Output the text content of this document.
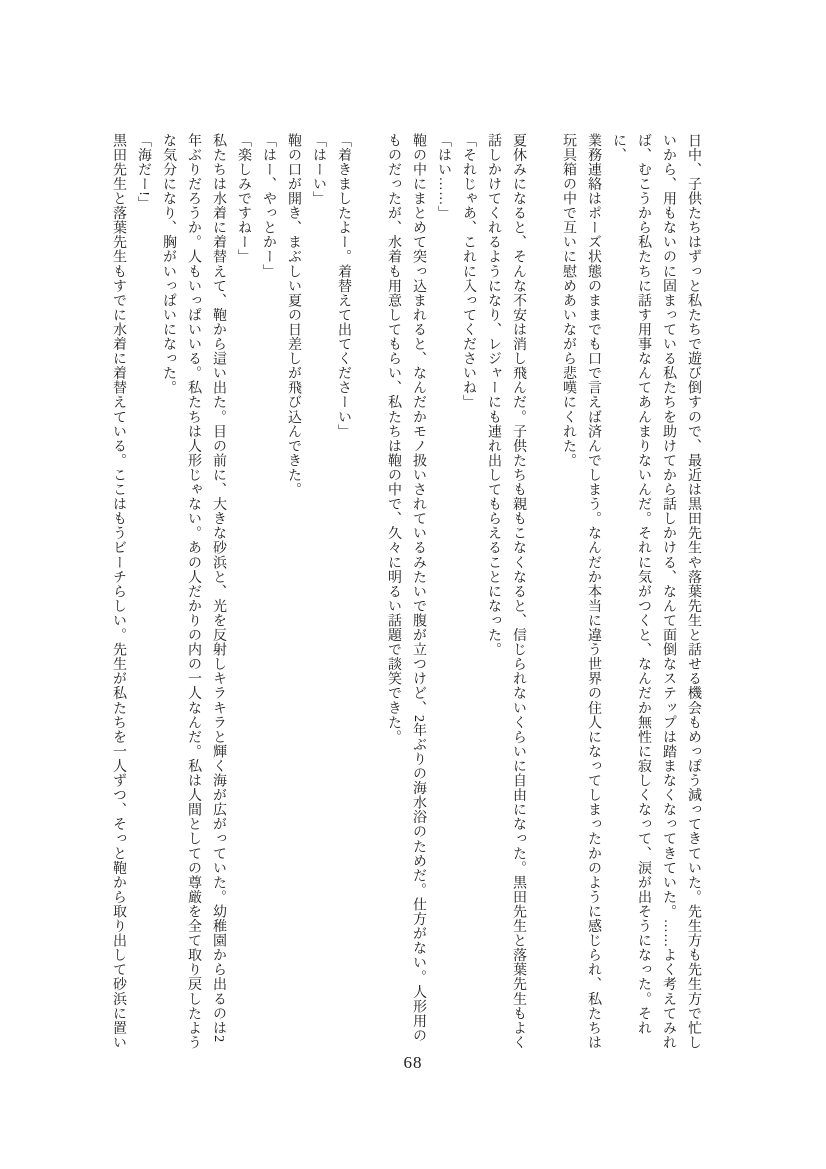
日中、子供たちはずっと私たちで遊び倒すので、最近は黒田先生や落葉先生と話せる機会もめっぽう減ってきていた。先生方も先生方で忙し

いから、用もないのに固まっている私たちを助けてから話しかける、なんて面倒なステップは踏まなくなってきていた。……よく考えてみれ

ば、むこうから私たちに話す用事なんてあんまりないんだ。それに気がつくと、なんだか無性に寂しくなって、涙が出そうになった。それに、

業務連絡はポーズ状態のままでも口で言えば済んでしまう。なんだか本当に違う世界の住人になってしまったかのように感じられ、私たちは

玩具箱の中で互いに慰めあいながら悲嘆にくれた。

夏休みになると、そんな不安は消し飛んだ。子供たちも親もこなくなると、信じられないくらいに自由になった。黒田先生と落葉先生もよく

話しかけてくれるようになり、レジャーにも連れ出してもらえることになった。

「それじゃあ、これに入ってくださいね」

「はい……」

鞄の中にまとめて突っ込まれると、なんだかモノ扱いされているみたいで腹が立つけど、2年ぶりの海水浴のためだ。仕方がない。人形用の

ものだったが、水着も用意してもらい、私たちは鞄の中で、久々に明るい話題で談笑できた。

「着きましたよー。着替えて出てくださーい」

「はーい」

鞄の口が開き、まぶしい夏の日差しが飛び込んできた。

「はー、やっとかー」

「楽しみですねー」

私たちは水着に着替えて、鞄から這い出た。目の前に、大きな砂浜と、光を反射しキラキラと輝く海が広がっていた。幼稚園から出るのは2

年ぶりだろうか。人もいっぱいいる。私たちは人形じゃない。あの人だかりの内の一人なんだ。私は人間としての尊厳を全て取り戻したよう

な気分になり、胸がいっぱいになった。

「海だー!」

黒田先生と落葉先生もすでに水着に着替えている。ここはもうビーチらしい。先生が私たちを一人ずつ、そっと鞄から取り出して砂浜に置い

68
